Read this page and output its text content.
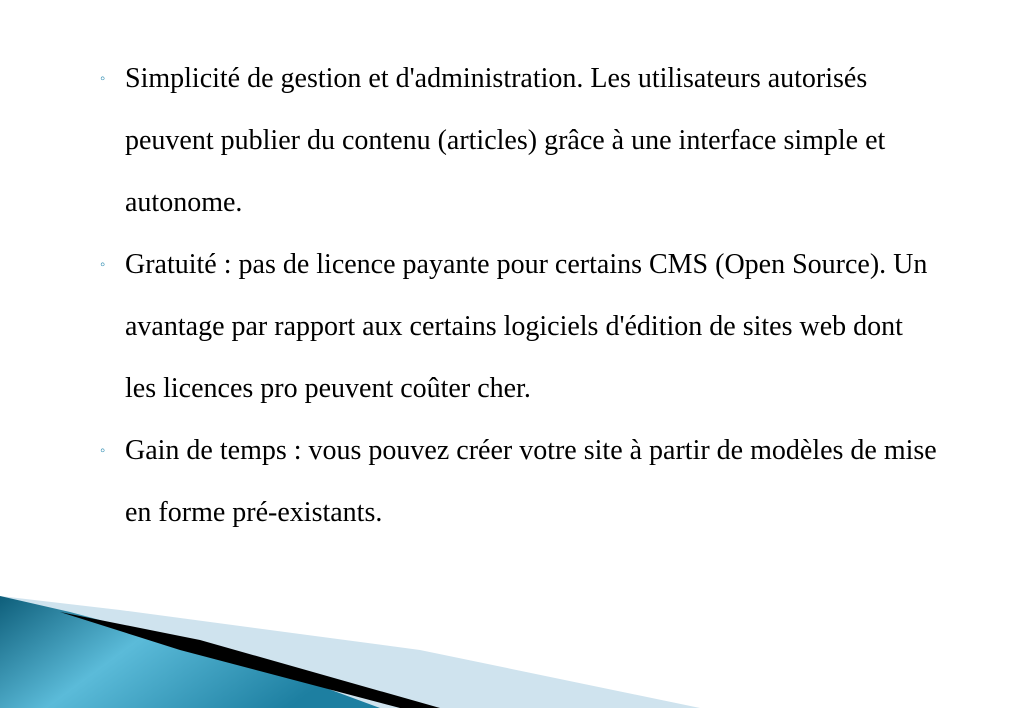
◦ Simplicité de gestion et d'administration. Les utilisateurs autorisés peuvent publier du contenu (articles) grâce à une interface simple et autonome.
◦ Gratuité : pas de licence payante pour certains CMS (Open Source). Un avantage par rapport aux certains logiciels d'édition de sites web dont les licences pro peuvent coûter cher.
◦ Gain de temps : vous pouvez créer votre site à partir de modèles de mise en forme pré-existants.
